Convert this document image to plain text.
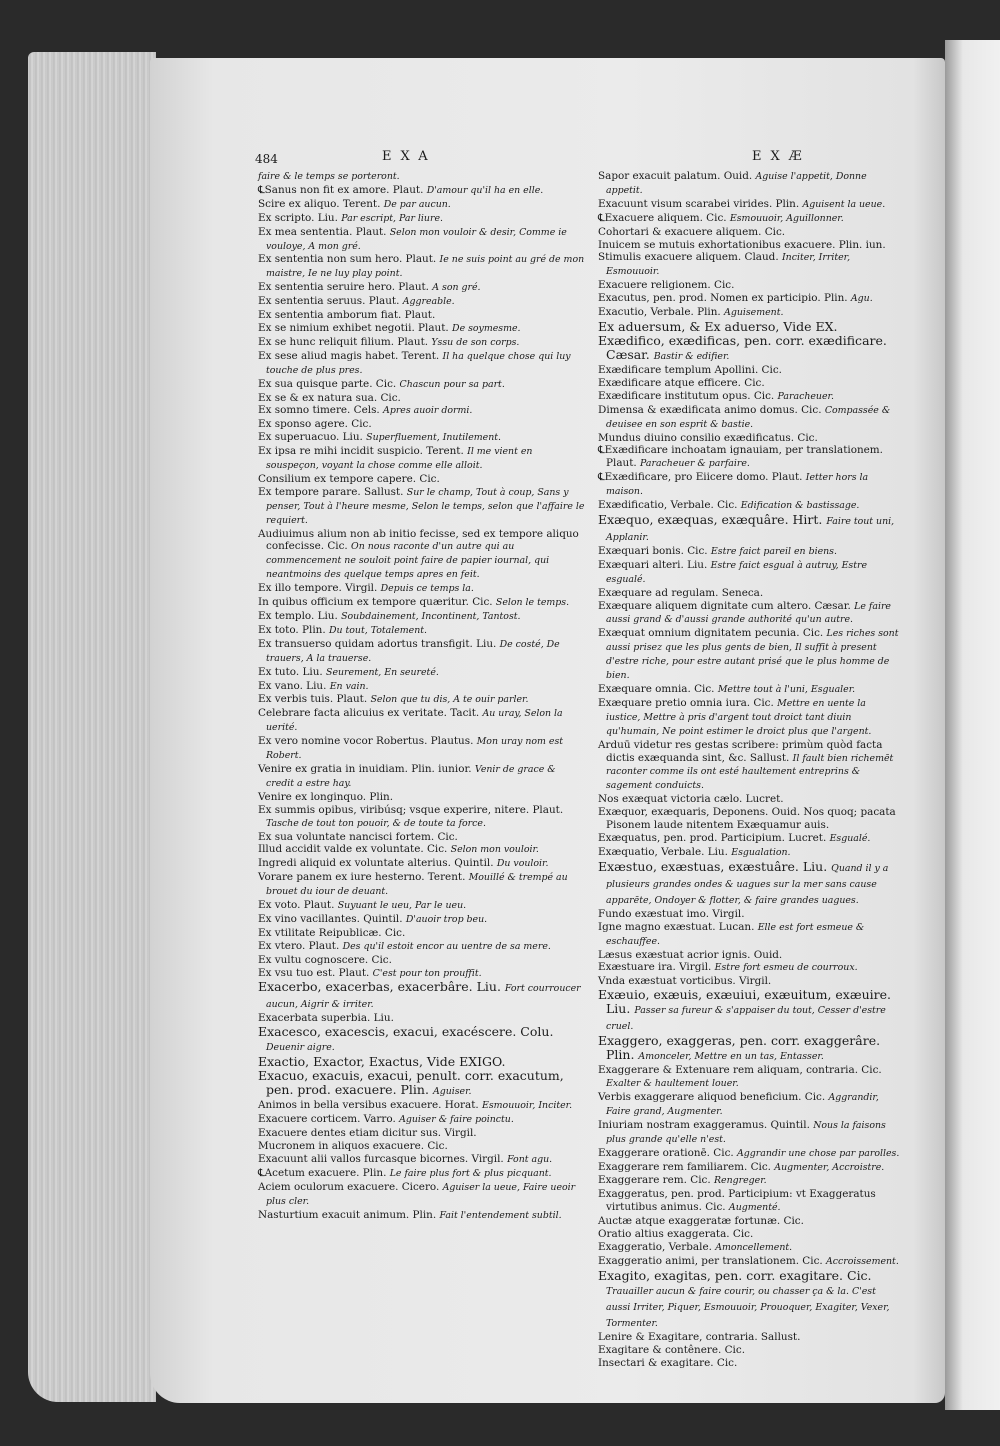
484	EXA	EXÆ

faire & le temps se porteront.

℄Sanus non fit ex amore. Plaut. D'amour qu'il ha en elle.

Scire ex aliquo. Terent. De par aucun.

Ex scripto. Liu. Par escript, Par liure.

Ex mea sententia. Plaut. Selon mon vouloir & desir, Comme ie vouloye, A mon gré.

Ex sententia non sum hero. Plaut. Ie ne suis point au gré de mon maistre, Ie ne luy play point.

Ex sententia seruire hero. Plaut. A son gré.

Ex sententia seruus. Plaut. Aggreable.

Ex sententia amborum fiat. Plaut.

Ex se nimium exhibet negotii. Plaut. De soymesme.

Ex se hunc reliquit filium. Plaut. Yssu de son corps.

Ex sese aliud magis habet. Terent. Il ha quelque chose qui luy touche de plus pres.

Ex sua quisque parte. Cic. Chascun pour sa part.

Ex se & ex natura sua. Cic.

Ex somno timere. Cels. Apres auoir dormi.

Ex sponso agere. Cic.

Ex superuacuo. Liu. Superfluement, Inutilement.

Ex ipsa re mihi incidit suspicio. Terent. Il me vient en souspeçon, voyant la chose comme elle alloit.

Consilium ex tempore capere. Cic.

Ex tempore parare. Sallust. Sur le champ, Tout à coup, Sans y penser, Tout à l'heure mesme, Selon le temps, selon que l'affaire le requiert.

Audiuimus alium non ab initio fecisse, sed ex tempore aliquo confecisse. Cic. On nous raconte d'un autre qui au commencement ne souloit point faire de papier iournal, qui neantmoins des quelque temps apres en feit.

Ex illo tempore. Virgil. Depuis ce temps la.

In quibus officium ex tempore quæritur. Cic. Selon le temps.

Ex templo. Liu. Soubdainement, Incontinent, Tantost.

Ex toto. Plin. Du tout, Totalement.

Ex transuerso quidam adortus transfigit. Liu. De costé, De trauers, A la trauerse.

Ex tuto. Liu. Seurement, En seureté.

Ex vano. Liu. En vain.

Ex verbis tuis. Plaut. Selon que tu dis, A te ouir parler.

Celebrare facta alicuius ex veritate. Tacit. Au uray, Selon la uerité.

Ex vero nomine vocor Robertus. Plautus. Mon uray nom est Robert.

Venire ex gratia in inuidiam. Plin. iunior. Venir de grace & credit a estre hay.

Venire ex longinquo. Plin.

Ex summis opibus, viribúsq; vsque experire, nitere. Plaut. Tasche de tout ton pouoir, & de toute ta force.

Ex sua voluntate nancisci fortem. Cic.

Illud accidit valde ex voluntate. Cic. Selon mon vouloir.

Ingredi aliquid ex voluntate alterius. Quintil. Du vouloir.

Vorare panem ex iure hesterno. Terent. Mouillé & trempé au brouet du iour de deuant.

Ex voto. Plaut. Suyuant le ueu, Par le ueu.

Ex vino vacillantes. Quintil. D'auoir trop beu.

Ex vtilitate Reipublicæ. Cic.

Ex vtero. Plaut. Des qu'il estoit encor au uentre de sa mere.

Ex vultu cognoscere. Cic.

Ex vsu tuo est. Plaut. C'est pour ton prouffit.

Exacerbo, exacerbas, exacerbâre. Liu. Fort courroucer aucun, Aigrir & irriter.

Exacerbata superbia. Liu.

Exacesco, exacescis, exacui, exacéscere. Colu. Deuenir aigre.

Exactio, Exactor, Exactus, Vide EXIGO.

Exacuo, exacuis, exacui, penult. corr. exacutum, pen. prod. exacuere. Plin. Aguiser.

Animos in bella versibus exacuere. Horat. Esmouuoir, Inciter.

Exacuere corticem. Varro. Aguiser & faire poinctu.

Exacuere dentes etiam dicitur sus. Virgil.

Mucronem in aliquos exacuere. Cic.

Exacuunt alii vallos furcasque bicornes. Virgil. Font agu.

℄Acetum exacuere. Plin. Le faire plus fort & plus picquant.

Aciem oculorum exacuere. Cicero. Aguiser la ueue, Faire ueoir plus cler.

Nasturtium exacuit animum. Plin. Fait l'entendement subtil.

Sapor exacuit palatum. Ouid. Aguise l'appetit, Donne appetit.

Exacuunt visum scarabei virides. Plin. Aguisent la ueue.

℄Exacuere aliquem. Cic. Esmouuoir, Aguillonner.

Cohortari & exacuere aliquem. Cic.

Inuicem se mutuis exhortationibus exacuere. Plin. iun.

Stimulis exacuere aliquem. Claud. Inciter, Irriter, Esmouuoir.

Exacuere religionem. Cic.

Exacutus, pen. prod. Nomen ex participio. Plin. Agu.

Exacutio, Verbale. Plin. Aguisement.

Ex aduersum, & Ex aduerso, Vide EX.

Exædifico, exædificas, pen. corr. exædificare. Cæsar. Bastir & edifier.

Exædificare templum Apollini. Cic.

Exædificare atque efficere. Cic.

Exædificare institutum opus. Cic. Paracheuer.

Dimensa & exædificata animo domus. Cic. Compassée & deuisee en son esprit & bastie.

Mundus diuino consilio exædificatus. Cic.

℄Exædificare inchoatam ignauiam, per translationem. Plaut. Paracheuer & parfaire.

℄Exædificare, pro Eiicere domo. Plaut. Ietter hors la maison.

Exædificatio, Verbale. Cic. Edification & bastissage.

Exæquo, exæquas, exæquâre. Hirt. Faire tout uni, Applanir.

Exæquari bonis. Cic. Estre faict pareil en biens.

Exæquari alteri. Liu. Estre faict esgual à autruy, Estre esgualé.

Exæquare ad regulam. Seneca.

Exæquare aliquem dignitate cum altero. Cæsar. Le faire aussi grand & d'aussi grande authorité qu'un autre.

Exæquat omnium dignitatem pecunia. Cic. Les riches sont aussi prisez que les plus gents de bien, Il suffit à present d'estre riche, pour estre autant prisé que le plus homme de bien.

Exæquare omnia. Cic. Mettre tout à l'uni, Esgualer.

Exæquare pretio omnia iura. Cic. Mettre en uente la iustice, Mettre à pris d'argent tout droict tant diuin qu'humain, Ne point estimer le droict plus que l'argent.

Arduū videtur res gestas scribere: primùm quòd facta dictis exæquanda sint, &c. Sallust. Il fault bien richemēt raconter comme ils ont esté haultement entreprins & sagement conduicts.

Nos exæquat victoria cælo. Lucret.

Exæquor, exæquaris, Deponens. Ouid. Nos quoq; pacata Pisonem laude nitentem Exæquamur auis.

Exæquatus, pen. prod. Participium. Lucret. Esgualé.

Exæquatio, Verbale. Liu. Esgualation.

Exæstuo, exæstuas, exæstuâre. Liu. Quand il y a plusieurs grandes ondes & uagues sur la mer sans cause apparēte, Ondoyer & flotter, & faire grandes uagues.

Fundo exæstuat imo. Virgil.

Igne magno exæstuat. Lucan. Elle est fort esmeue & eschauffee.

Læsus exæstuat acrior ignis. Ouid.

Exæstuare ira. Virgil. Estre fort esmeu de courroux.

Vnda exæstuat vorticibus. Virgil.

Exæuio, exæuis, exæuiui, exæuitum, exæuire. Liu. Passer sa fureur & s'appaiser du tout, Cesser d'estre cruel.

Exaggero, exaggeras, pen. corr. exaggerâre. Plin. Amonceler, Mettre en un tas, Entasser.

Exaggerare & Extenuare rem aliquam, contraria. Cic. Exalter & haultement louer.

Verbis exaggerare aliquod beneficium. Cic. Aggrandir, Faire grand, Augmenter.

Iniuriam nostram exaggeramus. Quintil. Nous la faisons plus grande qu'elle n'est.

Exaggerare orationē. Cic. Aggrandir une chose par parolles.

Exaggerare rem familiarem. Cic. Augmenter, Accroistre.

Exaggerare rem. Cic. Rengreger.

Exaggeratus, pen. prod. Participium: vt Exaggeratus virtutibus animus. Cic. Augmenté.

Auctæ atque exaggeratæ fortunæ. Cic.

Oratio altius exaggerata. Cic.

Exaggeratio, Verbale. Amoncellement.

Exaggeratio animi, per translationem. Cic. Accroissement.

Exagito, exagitas, pen. corr. exagitare. Cic. Trauailler aucun & faire courir, ou chasser ça & la. C'est aussi Irriter, Piquer, Esmouuoir, Prouoquer, Exagiter, Vexer, Tormenter.

Lenire & Exagitare, contraria. Sallust.

Exagitare & contênere. Cic.

Insectari & exagitare. Cic.
